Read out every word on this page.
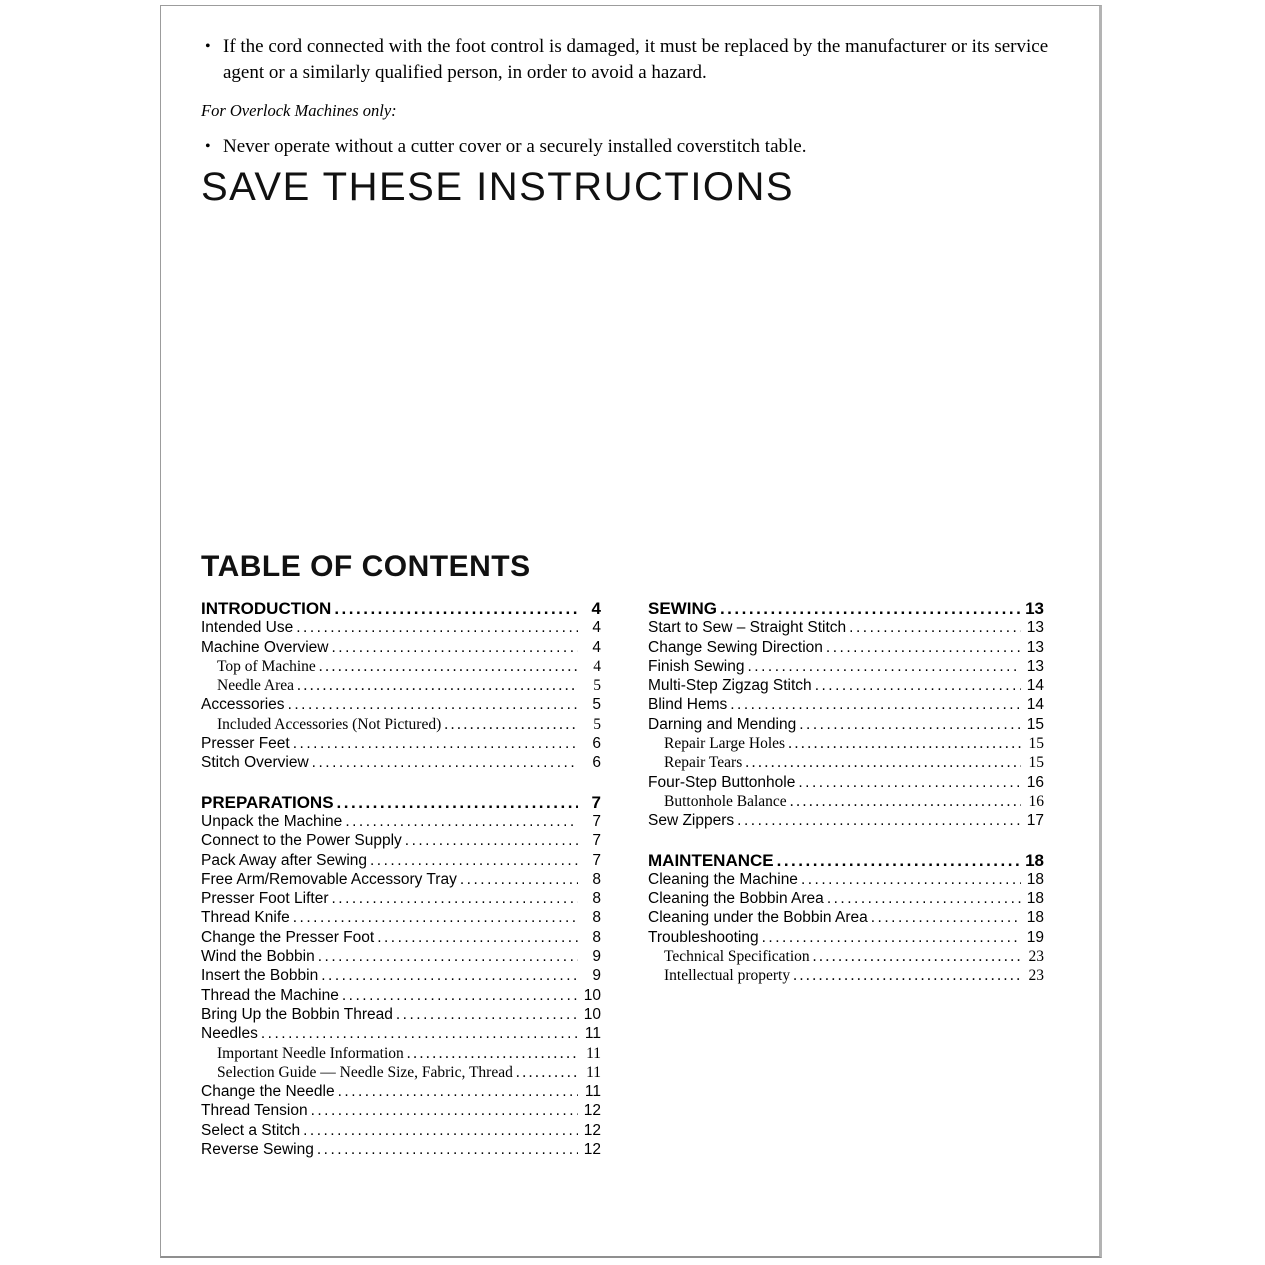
• If the cord connected with the foot control is damaged, it must be replaced by the manufacturer or its service agent or a similarly qualified person, in order to avoid a hazard.
For Overlock Machines only:
• Never operate without a cutter cover or a securely installed coverstitch table.
SAVE THESE INSTRUCTIONS
TABLE OF CONTENTS
INTRODUCTION .....	4
Intended Use .....	4
Machine Overview .....	4
Top of Machine .....	4
Needle Area .....	5
Accessories .....	5
Included Accessories (Not Pictured) .....	5
Presser Feet .....	6
Stitch Overview .....	6
PREPARATIONS .....	7
Unpack the Machine .....	7
Connect to the Power Supply .....	7
Pack Away after Sewing .....	7
Free Arm/Removable Accessory Tray .....	8
Presser Foot Lifter .....	8
Thread Knife .....	8
Change the Presser Foot .....	8
Wind the Bobbin .....	9
Insert the Bobbin .....	9
Thread the Machine .....	10
Bring Up the Bobbin Thread .....	10
Needles .....	11
Important Needle Information .....	11
Selection Guide — Needle Size, Fabric, Thread .....	11
Change the Needle .....	11
Thread Tension .....	12
Select a Stitch .....	12
Reverse Sewing .....	12
SEWING .....	13
Start to Sew – Straight Stitch .....	13
Change Sewing Direction .....	13
Finish Sewing .....	13
Multi-Step Zigzag Stitch .....	14
Blind Hems .....	14
Darning and Mending .....	15
Repair Large Holes .....	15
Repair Tears .....	15
Four-Step Buttonhole .....	16
Buttonhole Balance .....	16
Sew Zippers .....	17
MAINTENANCE .....	18
Cleaning the Machine .....	18
Cleaning the Bobbin Area .....	18
Cleaning under the Bobbin Area .....	18
Troubleshooting .....	19
Technical Specification .....	23
Intellectual property .....	23
